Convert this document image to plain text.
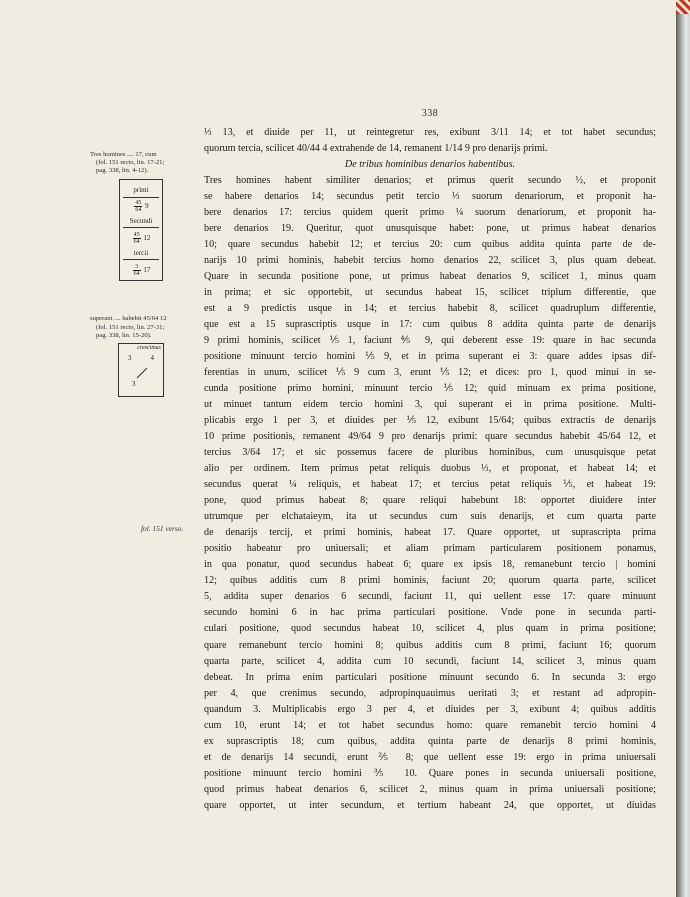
338
Tres homines .... 17, cum
(fol. 151 recto, lin. 17-21;
pag. 338, lin. 4-12).
primi
$\frac{45}{64} 9$
Secundi
$\frac{45}{64} 12$
tercii
$\frac{3}{64} 17$
superant .... habebit 45/64 12
(fol. 151 recto, lin. 27-31;
pag. 338, lin. 15-20).
crescimus
3	4
3
fol. 151 verso.
⅓ 13, et diuide per 11, ut reintegretur res, exibunt 3/11 14; et tot habet secundus;
quorum tercia, scilicet 40/44 4 extrahende de 14, remanent 1/14 9 pro denarijs primi.
De tribus hominibus denarios habentibus.
Tres homines habent similiter denarios; et primus querit secundo ½, et proponit
se habere denarios 14; secundus petit tercio ⅓ suorum denariorum, et proponit ha-
bere denarios 17: tercius quidem querit primo ¼ suorum denariorum, et proponit ha-
bere denarios 19. Queritur, quot unusquisque habet: pone, ut primus habeat denarios
10; quare secundus habebit 12; et tercius 20: cum quibus addita quinta parte de de-
narijs 10 primi hominis, habebit tercius homo denarios 22, scilicet 3, plus quam debeat.
Quare in secunda positione pone, ut primus habeat denarios 9, scilicet 1, minus quam
in prima; et sic opportebit, ut secundus habeat 15, scilicet triplum differentie, que
est a 9 predictis usque in 14; et tercius habebit 8, scilicet quadruplum differentie,
que est a 15 suprascriptis usque in 17: cum quibus 8 addita quinta parte de denarijs
9 primi hominis, scilicet ⅕ 1, faciunt ⅘ 9, qui deberent esse 19: quare in hac secunda
positione minuunt tercio homini ⅕ 9, et in prima superant ei 3: quare addes ipsas dif-
ferentias in unum, scilicet ⅕ 9 cum 3, erunt ⅕ 12; et dices: pro 1, quod minui in se-
cunda positione primo homini, minuunt tercio ⅕ 12; quid minuam ex prima positione,
ut minuet tantum eidem tercio homini 3, qui superant ei in prima positione. Multi-
plicabis ergo 1 per 3, et diuides per ⅕ 12, exibunt 15/64; quibus extractis de denarijs
10 prime positionis, remanent 49/64 9 pro denarijs primi: quare secundus habebit 45/64 12, et
tercius 3/64 17; et sic possemus facere de pluribus hominibus, cum unusquisque petat
alio per ordinem. Item primus petat reliquis duobus ⅓, et proponat, et habeat 14; et
secundus querat ¼ reliquis, et habeat 17; et tercius petat reliquis ⅕, et habeat 19:
pone, quod primus habeat 8; quare reliqui habebunt 18: opportet diuidere inter
utrumque per elchataieym, ita ut secundus cum suis denarijs, et cum quarta parte
de denarijs tercij, et primi hominis, habeat 17. Quare opportet, ut suprascripta prima
positio habeatur pro uniuersali; et aliam primam particularem positionem ponamus,
in qua ponatur, quod secundus habeat 6; quare ex ipsis 18, remanebunt tercio | homini
12; quibus additis cum 8 primi hominis, faciunt 20; quorum quarta parte, scilicet
5, addita super denarios 6 secundi, faciunt 11, qui uellent esse 17: quare minuunt
secundo homini 6 in hac prima particulari positione. Vnde pone in secunda parti-
culari positione, quod secundus habeat 10, scilicet 4, plus quam in prima positione;
quare remanebunt tercio homini 8; quibus additis cum 8 primi, faciunt 16; quorum
quarta parte, scilicet 4, addita cum 10 secundi, faciunt 14, scilicet 3, minus quam
debeat. In prima enim particulari positione minuunt secundo 6. In secunda 3: ergo
per 4, que crenimus secundo, adpropinquauimus ueritati 3; et restant ad adpropin-
quandum 3. Multiplicabis ergo 3 per 4, et diuides per 3, exibunt 4; quibus additis
cum 10, erunt 14; et tot habet secundus homo: quare remanebit tercio homini 4
ex suprascriptis 18; cum quibus, addita quinta parte de denarijs 8 primi hominis,
et de denarijs 14 secundi, erunt ⅖ 8; que uellent esse 19: ergo in prima uniuersali
positione minuunt tercio homini ⅗ 10. Quare pones in secunda uniuersali positione,
quod primus habeat denarios 6, scilicet 2, minus quam in prima uniuersali positione;
quare opportet, ut inter secundum, et tertium habeant 24, que opportet, ut diuidas
